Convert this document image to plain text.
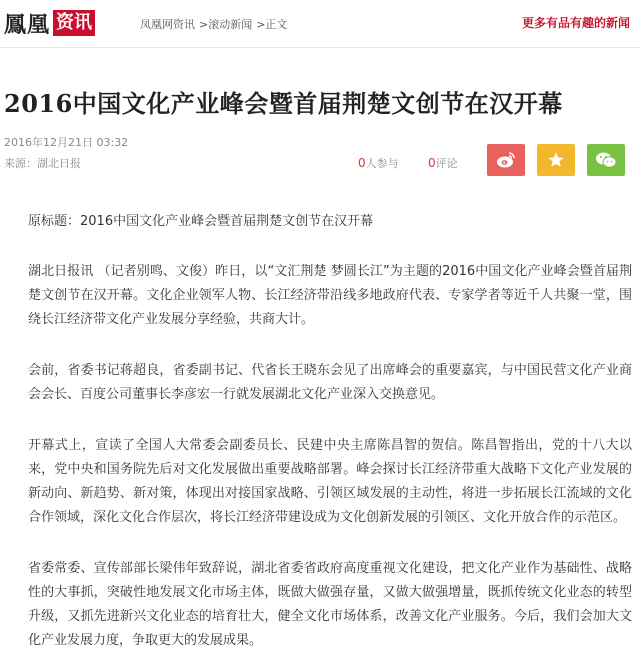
鳳凰 资讯	凤凰网资讯 >滚动新闻 >正文	更多有品有趣的新闻
2016中国文化产业峰会暨首届荆楚文创节在汉开幕
2016年12月21日 03:32
来源：湖北日报	0人参与 0评论

原标题：2016中国文化产业峰会暨首届荆楚文创节在汉开幕

湖北日报讯 （记者别鸣、文俊）昨日，以“文汇荆楚 梦圆长江”为主题的2016中国文化产业峰会暨首届荆楚文创节在汉开幕。文化企业领军人物、长江经济带沿线多地政府代表、专家学者等近千人共聚一堂，围绕长江经济带文化产业发展分享经验，共商大计。

会前，省委书记蒋超良，省委副书记、代省长王晓东会见了出席峰会的重要嘉宾，与中国民营文化产业商会会长、百度公司董事长李彦宏一行就发展湖北文化产业深入交换意见。

开幕式上，宣读了全国人大常委会副委员长、民建中央主席陈昌智的贺信。陈昌智指出，党的十八大以来，党中央和国务院先后对文化发展做出重要战略部署。峰会探讨长江经济带重大战略下文化产业发展的新动向、新趋势、新对策，体现出对接国家战略、引领区域发展的主动性，将进一步拓展长江流域的文化合作领域，深化文化合作层次，将长江经济带建设成为文化创新发展的引领区、文化开放合作的示范区。

省委常委、宣传部部长梁伟年致辞说，湖北省委省政府高度重视文化建设，把文化产业作为基础性、战略性的大事抓，突破性地发展文化市场主体，既做大做强存量，又做大做强增量，既抓传统文化业态的转型升级，又抓先进新兴文化业态的培育壮大，健全文化市场体系，改善文化产业服务。今后，我们会加大文化产业发展力度，争取更大的发展成果。
